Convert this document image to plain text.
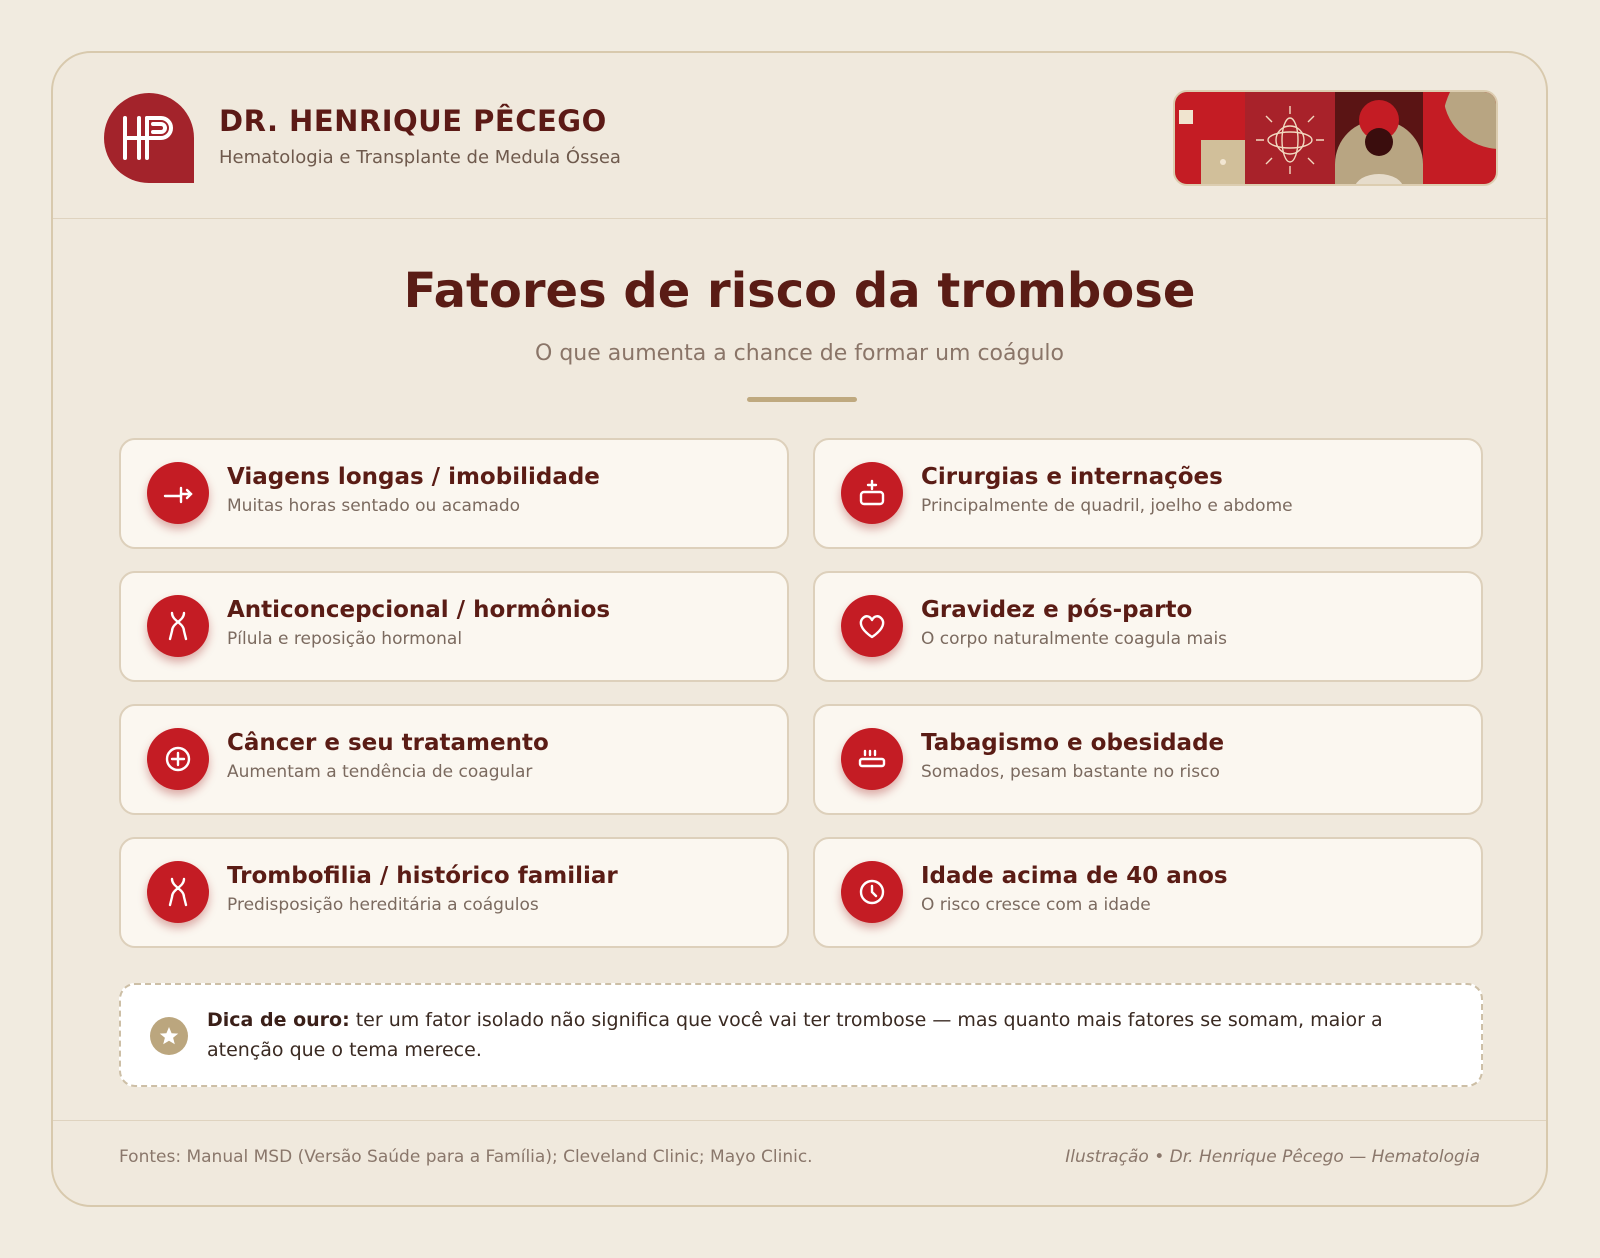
DR. HENRIQUE PÊCEGO
Hematologia e Transplante de Medula Óssea
Fatores de risco da trombose
O que aumenta a chance de formar um coágulo
Viagens longas / imobilidade
Muitas horas sentado ou acamado
Cirurgias e internações
Principalmente de quadril, joelho e abdome
Anticoncepcional / hormônios
Pílula e reposição hormonal
Gravidez e pós-parto
O corpo naturalmente coagula mais
Câncer e seu tratamento
Aumentam a tendência de coagular
Tabagismo e obesidade
Somados, pesam bastante no risco
Trombofilia / histórico familiar
Predisposição hereditária a coágulos
Idade acima de 40 anos
O risco cresce com a idade
Dica de ouro: ter um fator isolado não significa que você vai ter trombose — mas quanto mais fatores se somam, maior a atenção que o tema merece.
Fontes: Manual MSD (Versão Saúde para a Família); Cleveland Clinic; Mayo Clinic.	Ilustração • Dr. Henrique Pêcego — Hematologia
